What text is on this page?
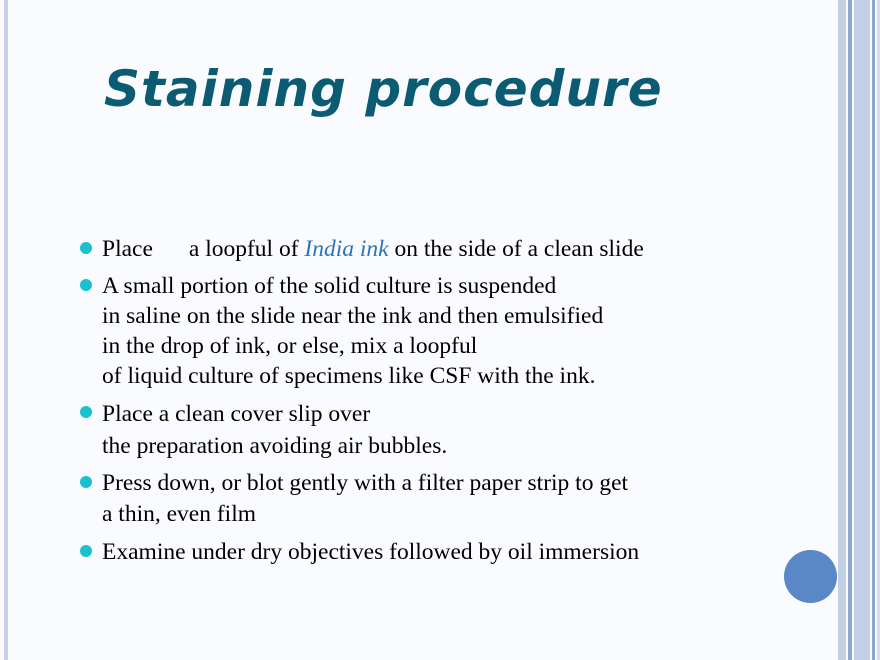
Staining procedure
Place a loopful of India ink on the side of a clean slide
A small portion of the solid culture is suspended
in saline on the slide near the ink and then emulsified
in the drop of ink, or else, mix a loopful
of liquid culture of specimens like CSF with the ink.
Place a clean cover slip over
the preparation avoiding air bubbles.
Press down, or blot gently with a filter paper strip to get
a thin, even film
Examine under dry objectives followed by oil immersion
